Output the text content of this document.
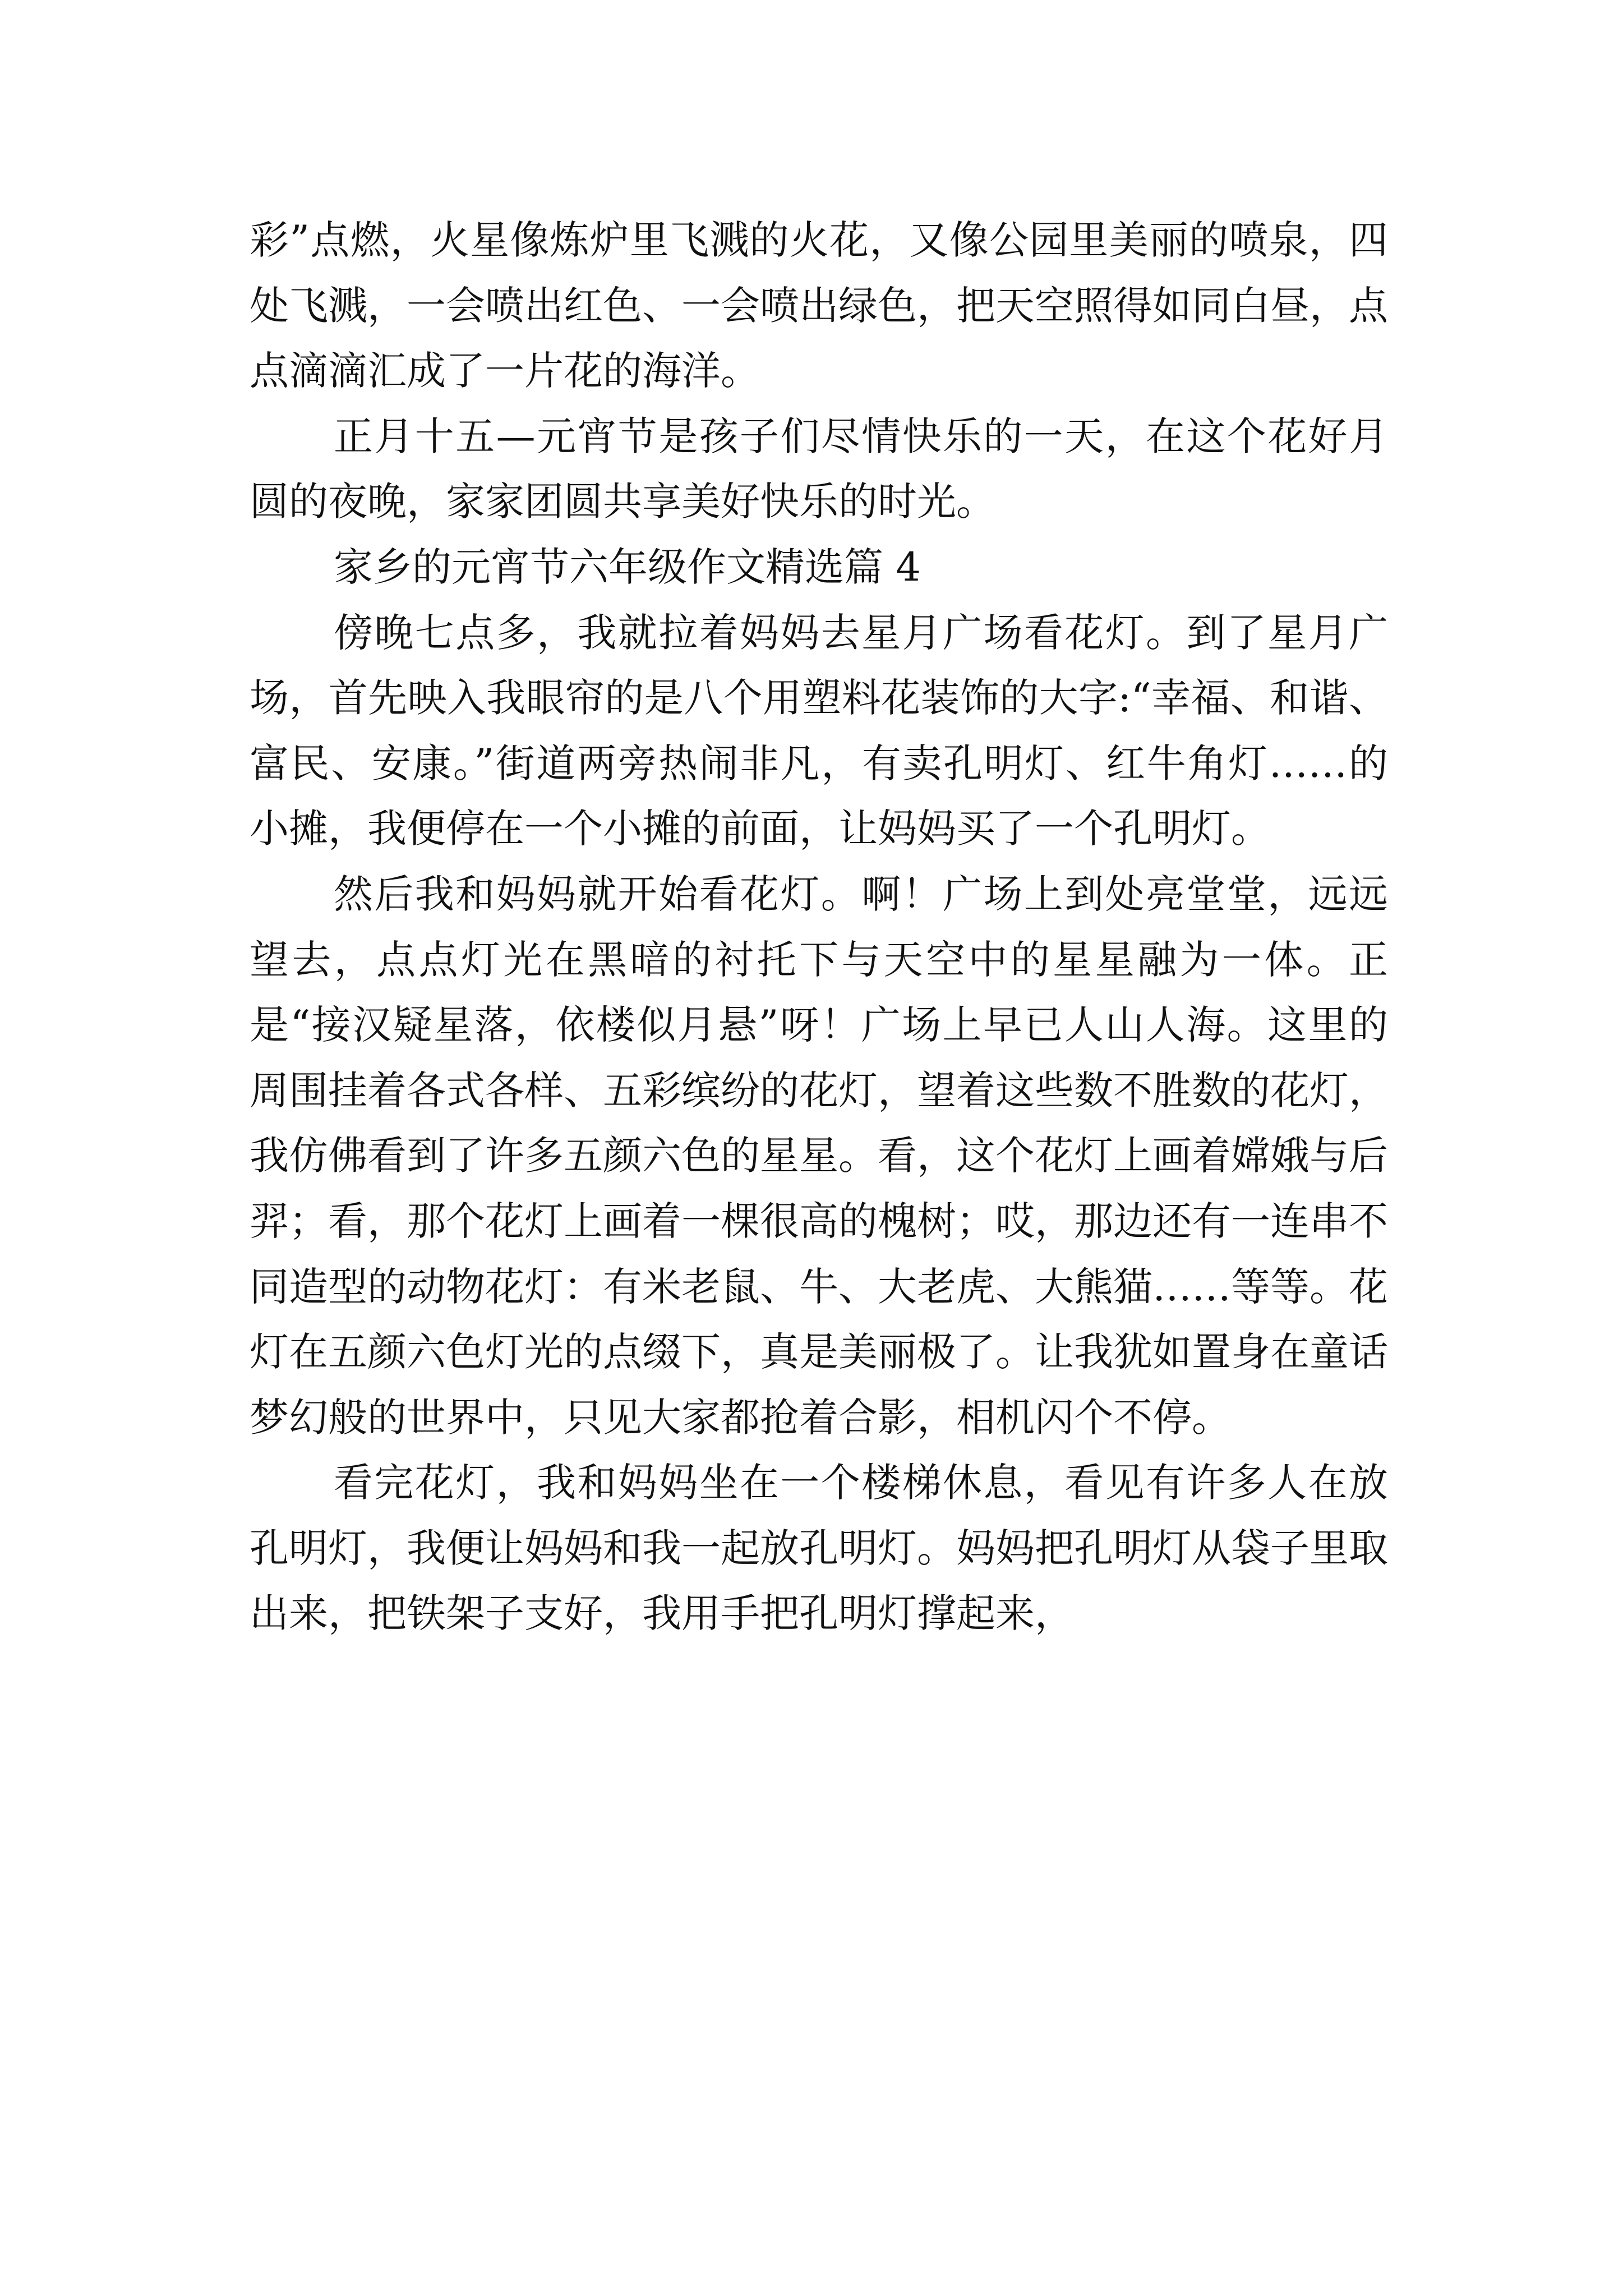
彩”点燃，火星像炼炉里飞溅的火花，又像公园里美丽的喷泉，四处飞溅，一会喷出红色、一会喷出绿色，把天空照得如同白昼，点点滴滴汇成了一片花的海洋。

正月十五—元宵节是孩子们尽情快乐的一天，在这个花好月圆的夜晚，家家团圆共享美好快乐的时光。

家乡的元宵节六年级作文精选篇 4

傍晚七点多，我就拉着妈妈去星月广场看花灯。到了星月广场，首先映入我眼帘的是八个用塑料花装饰的大字:“幸福、和谐、富民、安康。”街道两旁热闹非凡，有卖孔明灯、红牛角灯……的小摊，我便停在一个小摊的前面，让妈妈买了一个孔明灯。

然后我和妈妈就开始看花灯。啊！广场上到处亮堂堂，远远望去，点点灯光在黑暗的衬托下与天空中的星星融为一体。正是“接汉疑星落，依楼似月悬”呀！广场上早已人山人海。这里的周围挂着各式各样、五彩缤纷的花灯，望着这些数不胜数的花灯，我仿佛看到了许多五颜六色的星星。看，这个花灯上画着嫦娥与后羿；看，那个花灯上画着一棵很高的槐树；哎，那边还有一连串不同造型的动物花灯：有米老鼠、牛、大老虎、大熊猫……等等。花灯在五颜六色灯光的点缀下，真是美丽极了。让我犹如置身在童话梦幻般的世界中，只见大家都抢着合影，相机闪个不停。

看完花灯，我和妈妈坐在一个楼梯休息，看见有许多人在放孔明灯，我便让妈妈和我一起放孔明灯。妈妈把孔明灯从袋子里取出来，把铁架子支好，我用手把孔明灯撑起来，
